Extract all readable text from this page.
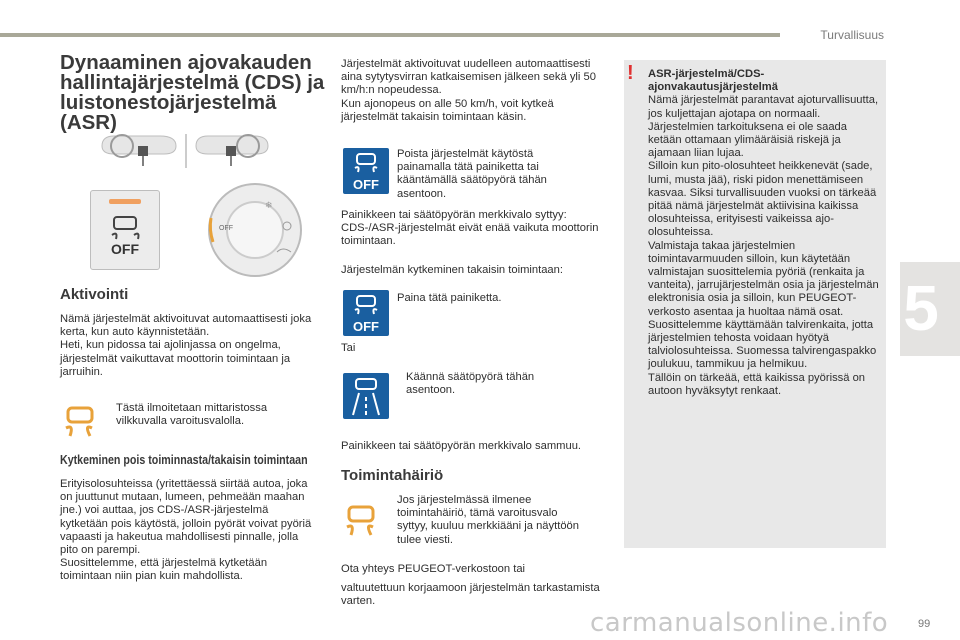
Turvallisuus
5
99
carmanualsonline.info
Dynaaminen ajovakauden hallintajärjestelmä (CDS) ja luistonestojärjestelmä (ASR)
OFF
OFF
❄
Aktivointi

Nämä järjestelmät aktivoituvat automaattisesti joka kerta, kun auto käynnistetään.

Heti, kun pidossa tai ajolinjassa on ongelma, järjestelmät vaikuttavat moottorin toimintaan ja jarruihin.

Tästä ilmoitetaan mittaristossa vilkkuvalla varoitusvalolla.
Kytkeminen pois toiminnasta/takaisin toimintaan

Erityisolosuhteissa (yritettäessä siirtää autoa, joka on juuttunut mutaan, lumeen, pehmeään maahan jne.) voi auttaa, jos CDS-/ASR-järjestelmä kytketään pois käytöstä, jolloin pyörät voivat pyöriä vapaasti ja hakeutua mahdollisesti pinnalle, jolla pito on parempi.

Suosittelemme, että järjestelmä kytketään toimintaan niin pian kuin mahdollista.

Järjestelmät aktivoituvat uudelleen automaattisesti aina sytytysvirran katkaisemisen jälkeen sekä yli 50 km/h:n nopeudessa.

Kun ajonopeus on alle 50 km/h, voit kytkeä järjestelmät takaisin toimintaan käsin.

OFF
Poista järjestelmät käytöstä painamalla tätä painiketta tai kääntämällä säätöpyörä tähän asentoon.
Painikkeen tai säätöpyörän merkkivalo syttyy: CDS-/ASR-järjestelmät eivät enää vaikuta moottorin toimintaan.
Järjestelmän kytkeminen takaisin toimintaan:
OFF
Paina tätä painiketta.
Tai
Käännä säätöpyörä tähän asentoon.
Painikkeen tai säätöpyörän merkkivalo sammuu.
Toimintahäiriö
Jos järjestelmässä ilmenee toimintahäiriö, tämä varoitusvalo syttyy, kuuluu merkkiääni ja näyttöön tulee viesti.
Ota yhteys PEUGEOT-verkostoon tai
valtuutettuun korjaamoon järjestelmän tarkastamista varten.
! ASR-järjestelmä/CDS-ajonvakautusjärjestelmä

Nämä järjestelmät parantavat ajoturvallisuutta, jos kuljettajan ajotapa on normaali. Järjestelmien tarkoituksena ei ole saada ketään ottamaan ylimääräisiä riskejä ja ajamaan liian lujaa.

Silloin kun pito-olosuhteet heikkenevät (sade, lumi, musta jää), riski pidon menettämiseen kasvaa. Siksi turvallisuuden vuoksi on tärkeää pitää nämä järjestelmät aktiivisina kaikissa olosuhteissa, erityisesti vaikeissa ajo-olosuhteissa.

Valmistaja takaa järjestelmien toimintavarmuuden silloin, kun käytetään valmistajan suosittelemia pyöriä (renkaita ja vanteita), jarrujärjestelmän osia ja järjestelmän elektronisia osia ja silloin, kun PEUGEOT-verkosto asentaa ja huoltaa nämä osat.

Suosittelemme käyttämään talvirenkaita, jotta järjestelmien tehosta voidaan hyötyä talviolosuhteissa. Suomessa talvirengaspakko joulukuu, tammikuu ja helmikuu.

Tällöin on tärkeää, että kaikissa pyörissä on autoon hyväksytyt renkaat.
